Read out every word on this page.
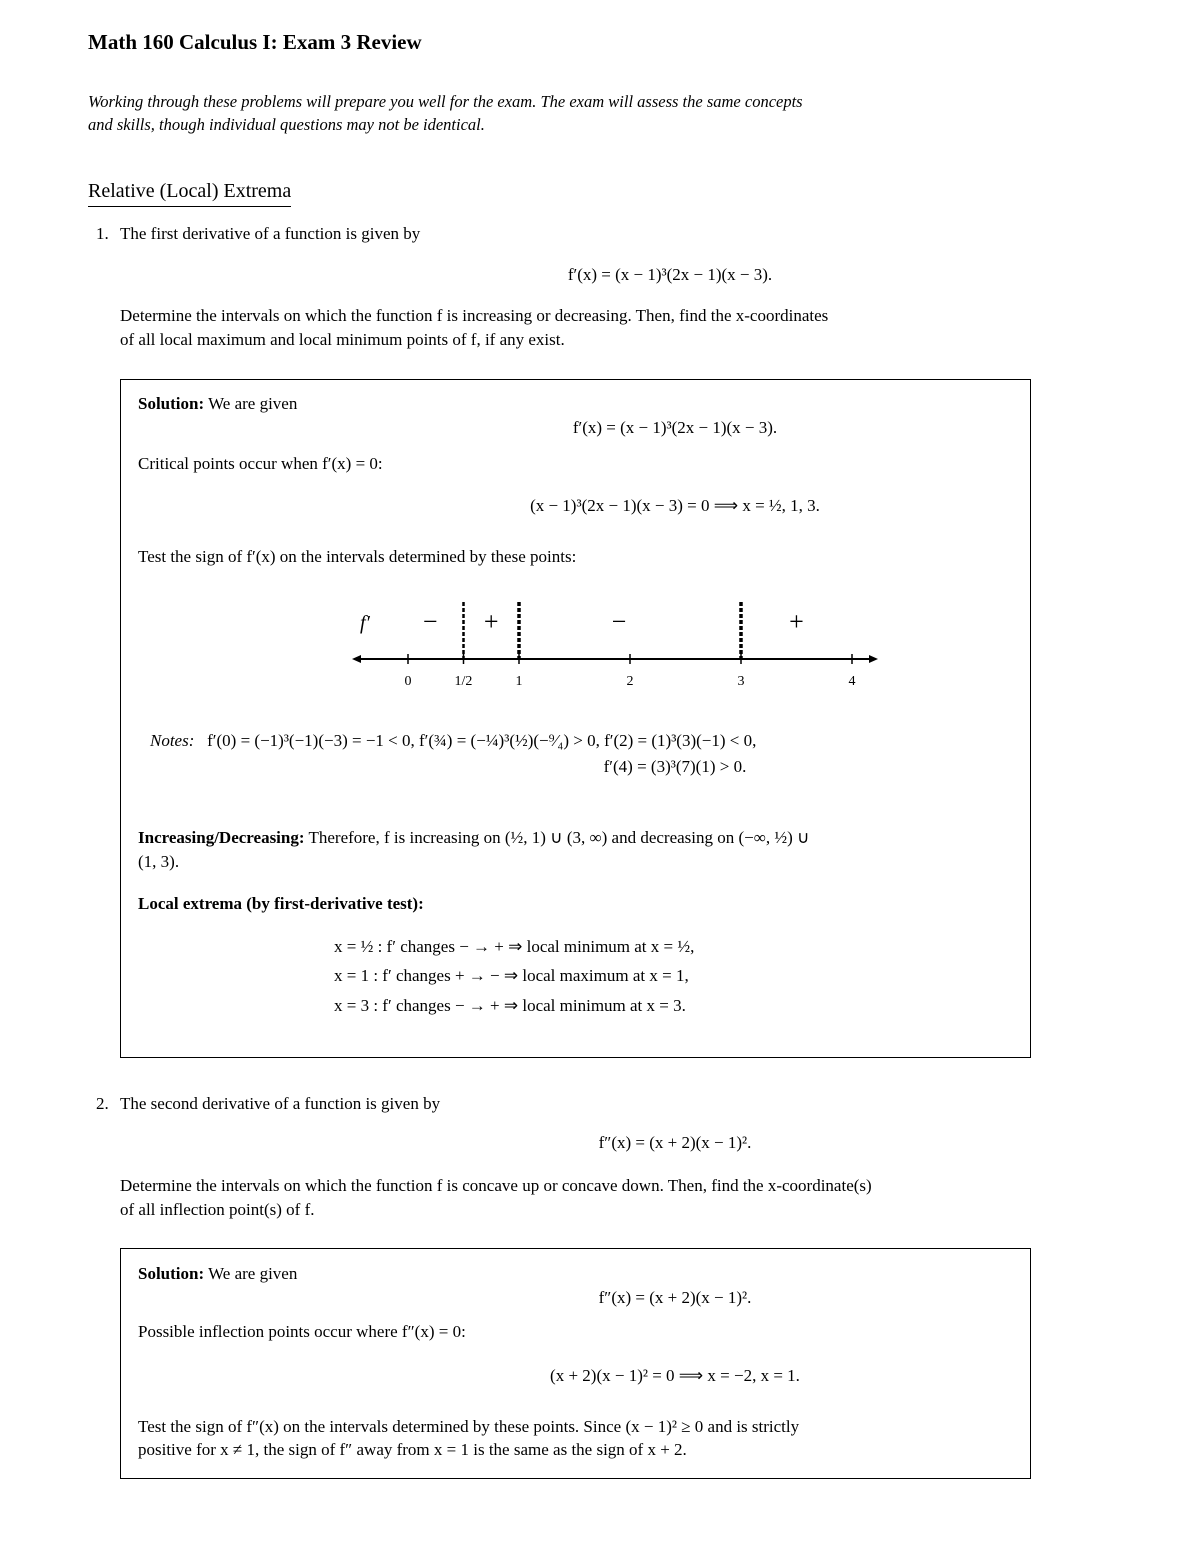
Math 160 Calculus I: Exam 3 Review
Working through these problems will prepare you well for the exam. The exam will assess the same concepts
and skills, though individual questions may not be identical.
Relative (Local) Extrema
1. The first derivative of a function is given by
f′(x) = (x − 1)³(2x − 1)(x − 3).
Determine the intervals on which the function f is increasing or decreasing. Then, find the x-coordinates
of all local maximum and local minimum points of f, if any exist.
Solution: We are given
f′(x) = (x − 1)³(2x − 1)(x − 3).
Critical points occur when f′(x) = 0:
(x − 1)³(2x − 1)(x − 3) = 0 ⟹ x = ½, 1, 3.
Test the sign of f′(x) on the intervals determined by these points:
f′
0	1/2	1	2	3	4
− +	−	+
Notes: f′(0) = (−1)³(−1)(−3) = −1 < 0, f′(¾) = (−¼)³(½)(−⁹⁄₄) > 0, f′(2) = (1)³(3)(−1) < 0,
f′(4) = (3)³(7)(1) > 0.
Increasing/Decreasing: Therefore, f is increasing on (½, 1) ∪ (3, ∞) and decreasing on (−∞, ½) ∪
(1, 3).
Local extrema (by first-derivative test):
x = ½ : f′ changes − → + ⇒ local minimum at x = ½,
x = 1 : f′ changes + → − ⇒ local maximum at x = 1,
x = 3 : f′ changes − → + ⇒ local minimum at x = 3.
2. The second derivative of a function is given by
f″(x) = (x + 2)(x − 1)².
Determine the intervals on which the function f is concave up or concave down. Then, find the x-coordinate(s)
of all inflection point(s) of f.
Solution: We are given
f″(x) = (x + 2)(x − 1)².
Possible inflection points occur where f″(x) = 0:
(x + 2)(x − 1)² = 0 ⟹ x = −2, x = 1.
Test the sign of f″(x) on the intervals determined by these points. Since (x − 1)² ≥ 0 and is strictly
positive for x ≠ 1, the sign of f″ away from x = 1 is the same as the sign of x + 2.
